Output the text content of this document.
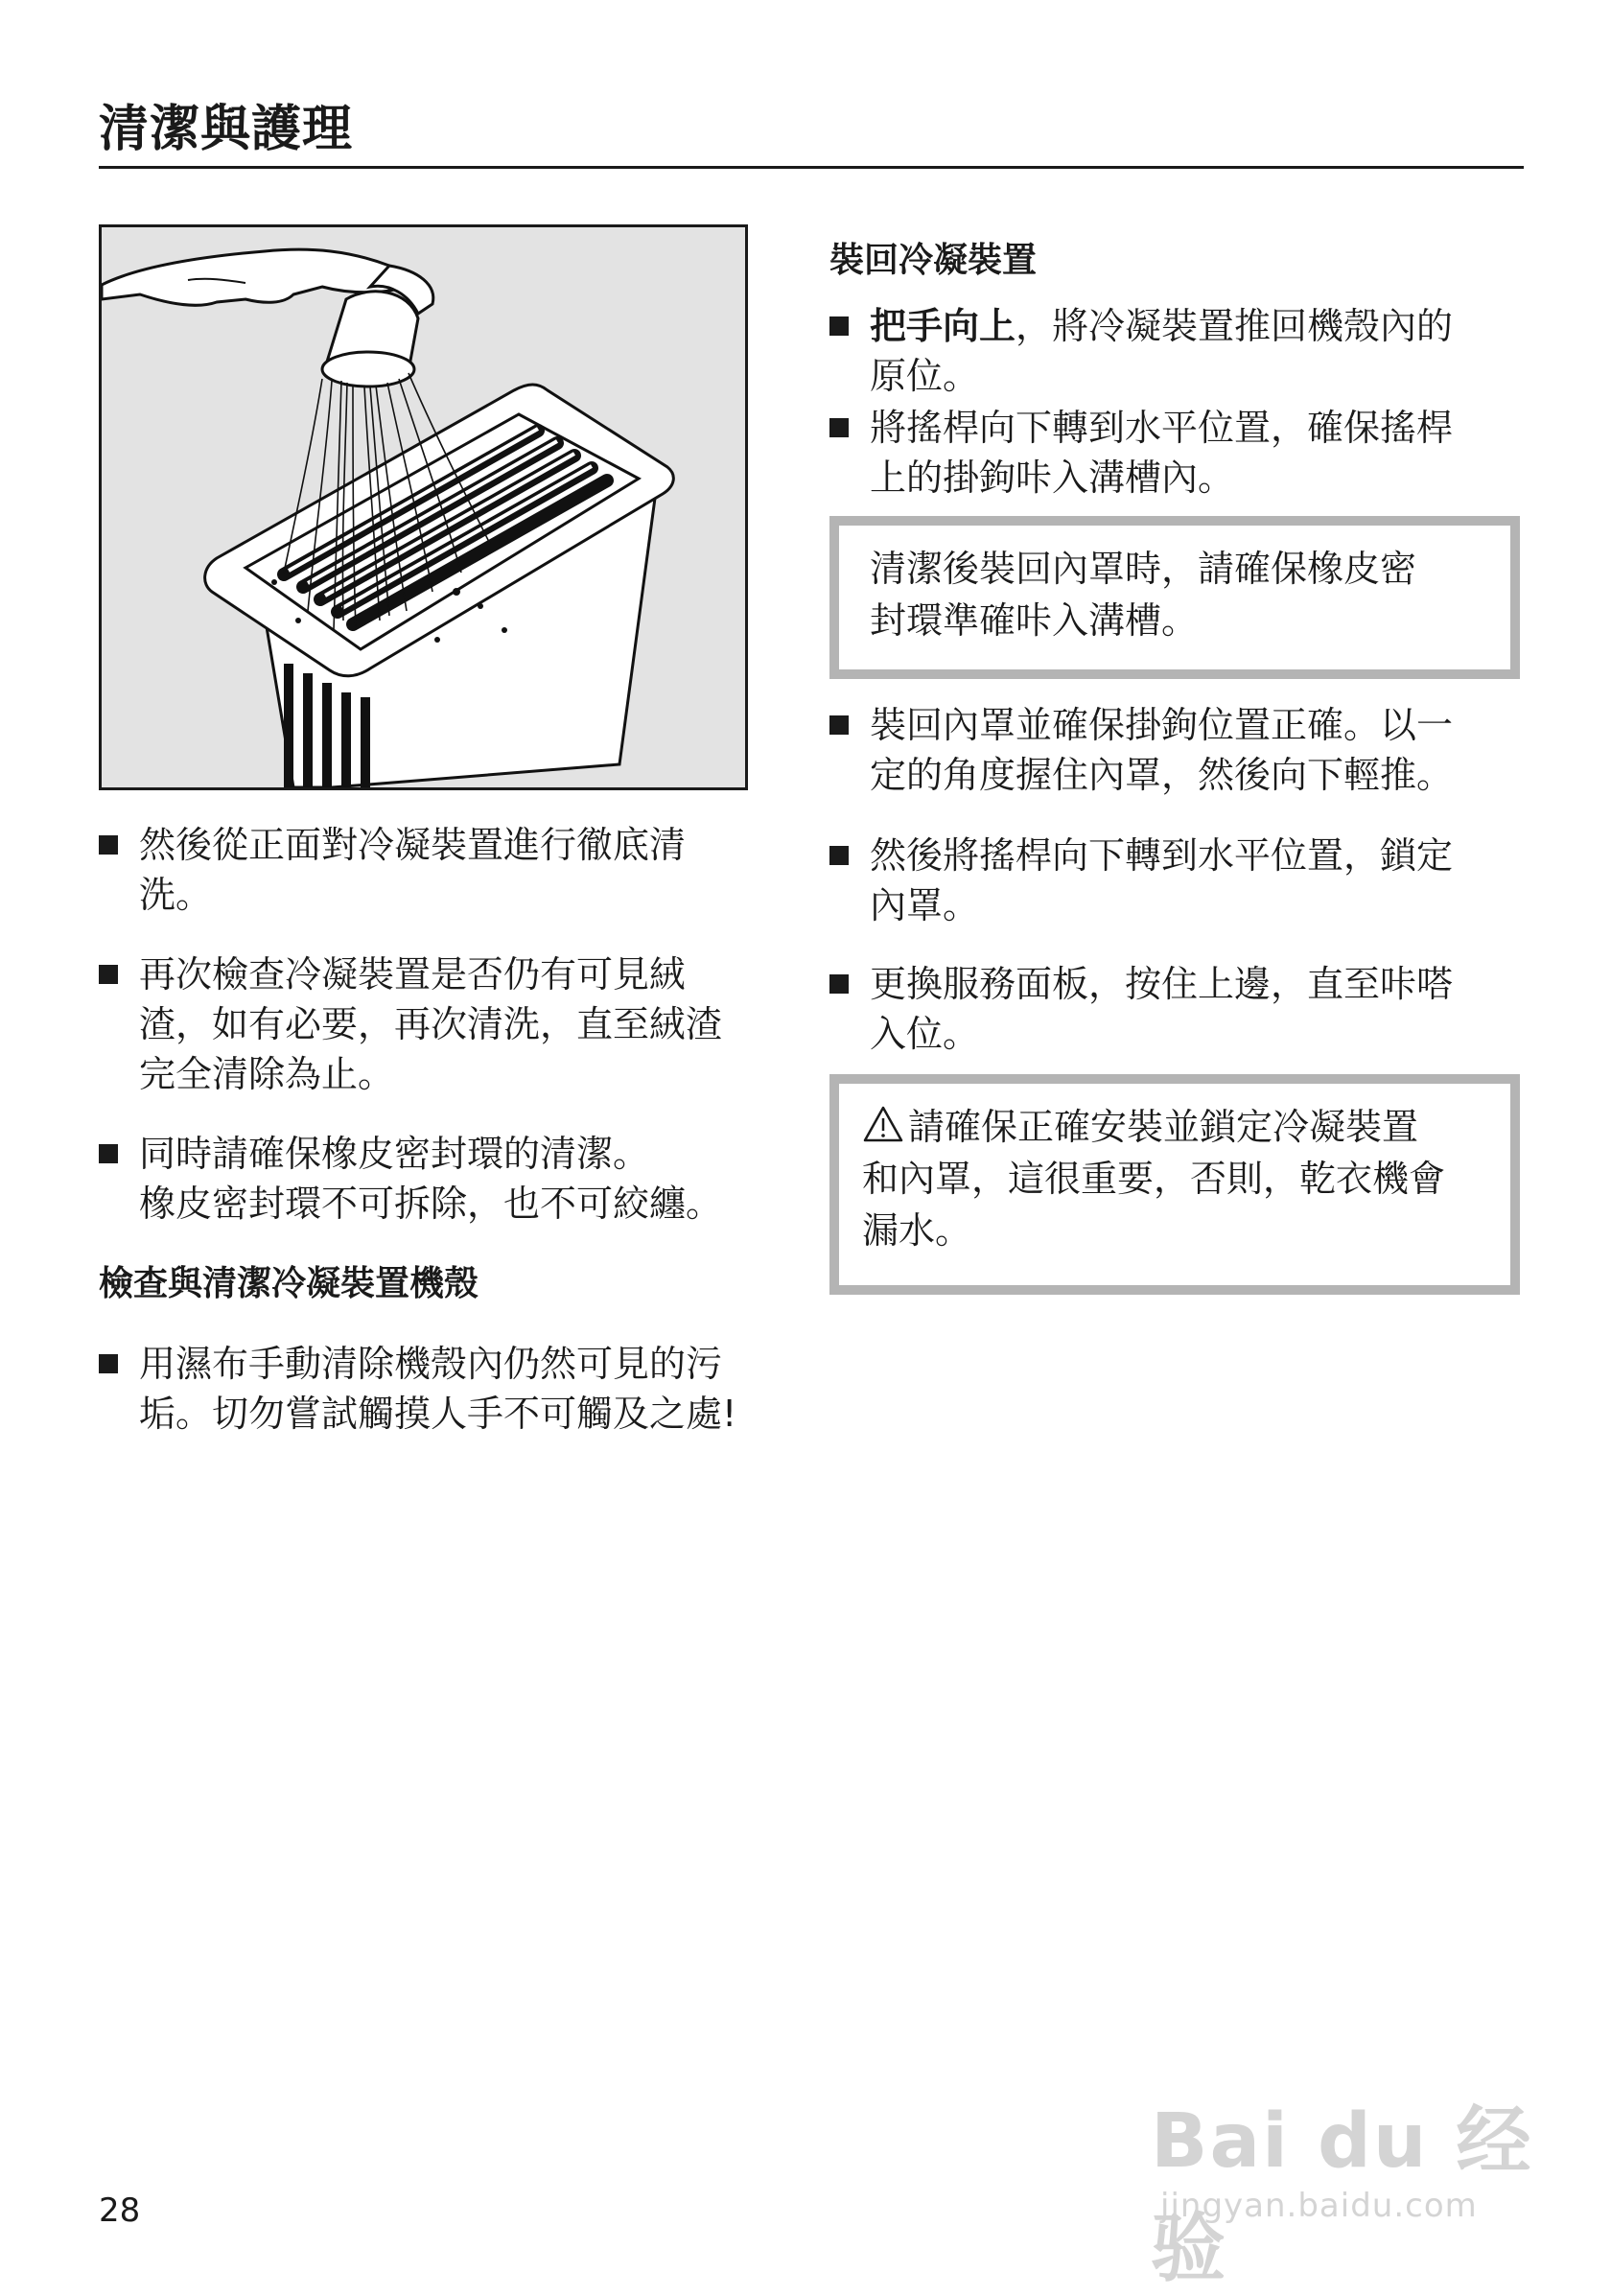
清潔與護理
然後從正面對冷凝裝置進行徹底清
洗。
再次檢查冷凝裝置是否仍有可見絨
渣，如有必要，再次清洗，直至絨渣
完全清除為止。
同時請確保橡皮密封環的清潔。
橡皮密封環不可拆除，也不可絞纏。
檢查與清潔冷凝裝置機殼
用濕布手動清除機殼內仍然可見的污
垢。切勿嘗試觸摸人手不可觸及之處!
裝回冷凝裝置
把手向上，將冷凝裝置推回機殼內的
原位。
將搖桿向下轉到水平位置，確保搖桿
上的掛鉤咔入溝槽內。
清潔後裝回內罩時，請確保橡皮密
封環準確咔入溝槽。
裝回內罩並確保掛鉤位置正確。以一
定的角度握住內罩，然後向下輕推。
然後將搖桿向下轉到水平位置，鎖定
內罩。
更換服務面板，按住上邊，直至咔嗒
入位。
請確保正確安裝並鎖定冷凝裝置
和內罩，這很重要，否則，乾衣機會
漏水。
28
Bai du 经验
jingyan.baidu.com
